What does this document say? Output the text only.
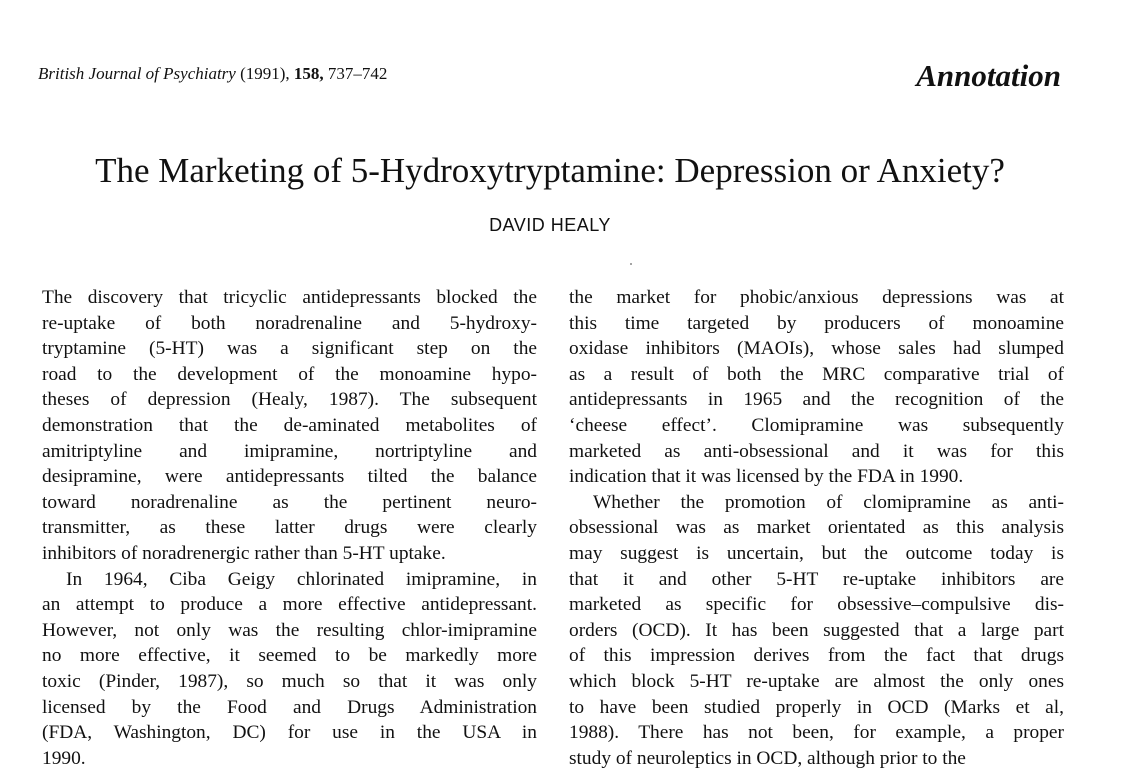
British Journal of Psychiatry (1991), 158, 737–742	Annotation
The Marketing of 5-Hydroxytryptamine: Depression or Anxiety?
DAVID HEALY

The discovery that tricyclic antidepressants blocked the
re-uptake of both noradrenaline and 5-hydroxy-
tryptamine (5-HT) was a significant step on the
road to the development of the monoamine hypo-
theses of depression (Healy, 1987). The subsequent
demonstration that the de-aminated metabolites of
amitriptyline and imipramine, nortriptyline and
desipramine, were antidepressants tilted the balance
toward noradrenaline as the pertinent neuro-
transmitter, as these latter drugs were clearly
inhibitors of noradrenergic rather than 5-HT uptake.

In 1964, Ciba Geigy chlorinated imipramine, in
an attempt to produce a more effective antidepressant.
However, not only was the resulting chlor-imipramine
no more effective, it seemed to be markedly more
toxic (Pinder, 1987), so much so that it was only
licensed by the Food and Drugs Administration
(FDA, Washington, DC) for use in the USA in
1990.

the market for phobic/anxious depressions was at
this time targeted by producers of monoamine
oxidase inhibitors (MAOIs), whose sales had slumped
as a result of both the MRC comparative trial of
antidepressants in 1965 and the recognition of the
‘cheese effect’. Clomipramine was subsequently
marketed as anti-obsessional and it was for this
indication that it was licensed by the FDA in 1990.

Whether the promotion of clomipramine as anti-
obsessional was as market orientated as this analysis
may suggest is uncertain, but the outcome today is
that it and other 5-HT re-uptake inhibitors are
marketed as specific for obsessive–compulsive dis-
orders (OCD). It has been suggested that a large part
of this impression derives from the fact that drugs
which block 5-HT re-uptake are almost the only ones
to have been studied properly in OCD (Marks et al,
1988). There has not been, for example, a proper
study of neuroleptics in OCD, although prior to the
